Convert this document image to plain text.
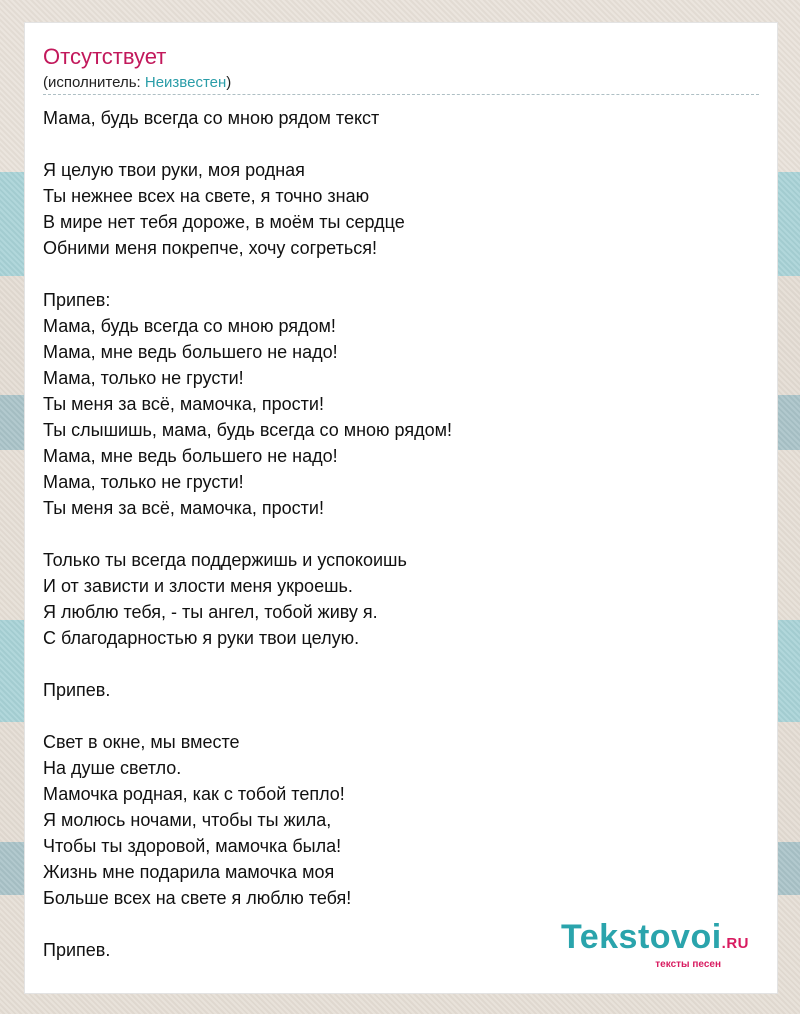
Отсутствует
(исполнитель: Неизвестен)
Мама, будь всегда со мною рядом текст
Я целую твои руки, моя родная
Ты нежнее всех на свете, я точно знаю
В мире нет тебя дороже, в моём ты сердце
Обними меня покрепче, хочу согреться!
Припев:
Мама, будь всегда со мною рядом!
Мама, мне ведь большего не надо!
Мама, только не грусти!
Ты меня за всё, мамочка, прости!
Ты слышишь, мама, будь всегда со мною рядом!
Мама, мне ведь большего не надо!
Мама, только не грусти!
Ты меня за всё, мамочка, прости!
Только ты всегда поддержишь и успокоишь
И от зависти и злости меня укроешь.
Я люблю тебя, - ты ангел, тобой живу я.
С благодарностью я руки твои целую.
Припев.
Свет в окне, мы вместе
На душе светло.
Мамочка родная, как с тобой тепло!
Я молюсь ночами, чтобы ты жила,
Чтобы ты здоровой, мамочка была!
Жизнь мне подарила мамочка моя
Больше всех на свете я люблю тебя!
Припев.	Tekstovoi.RU
тексты песен
